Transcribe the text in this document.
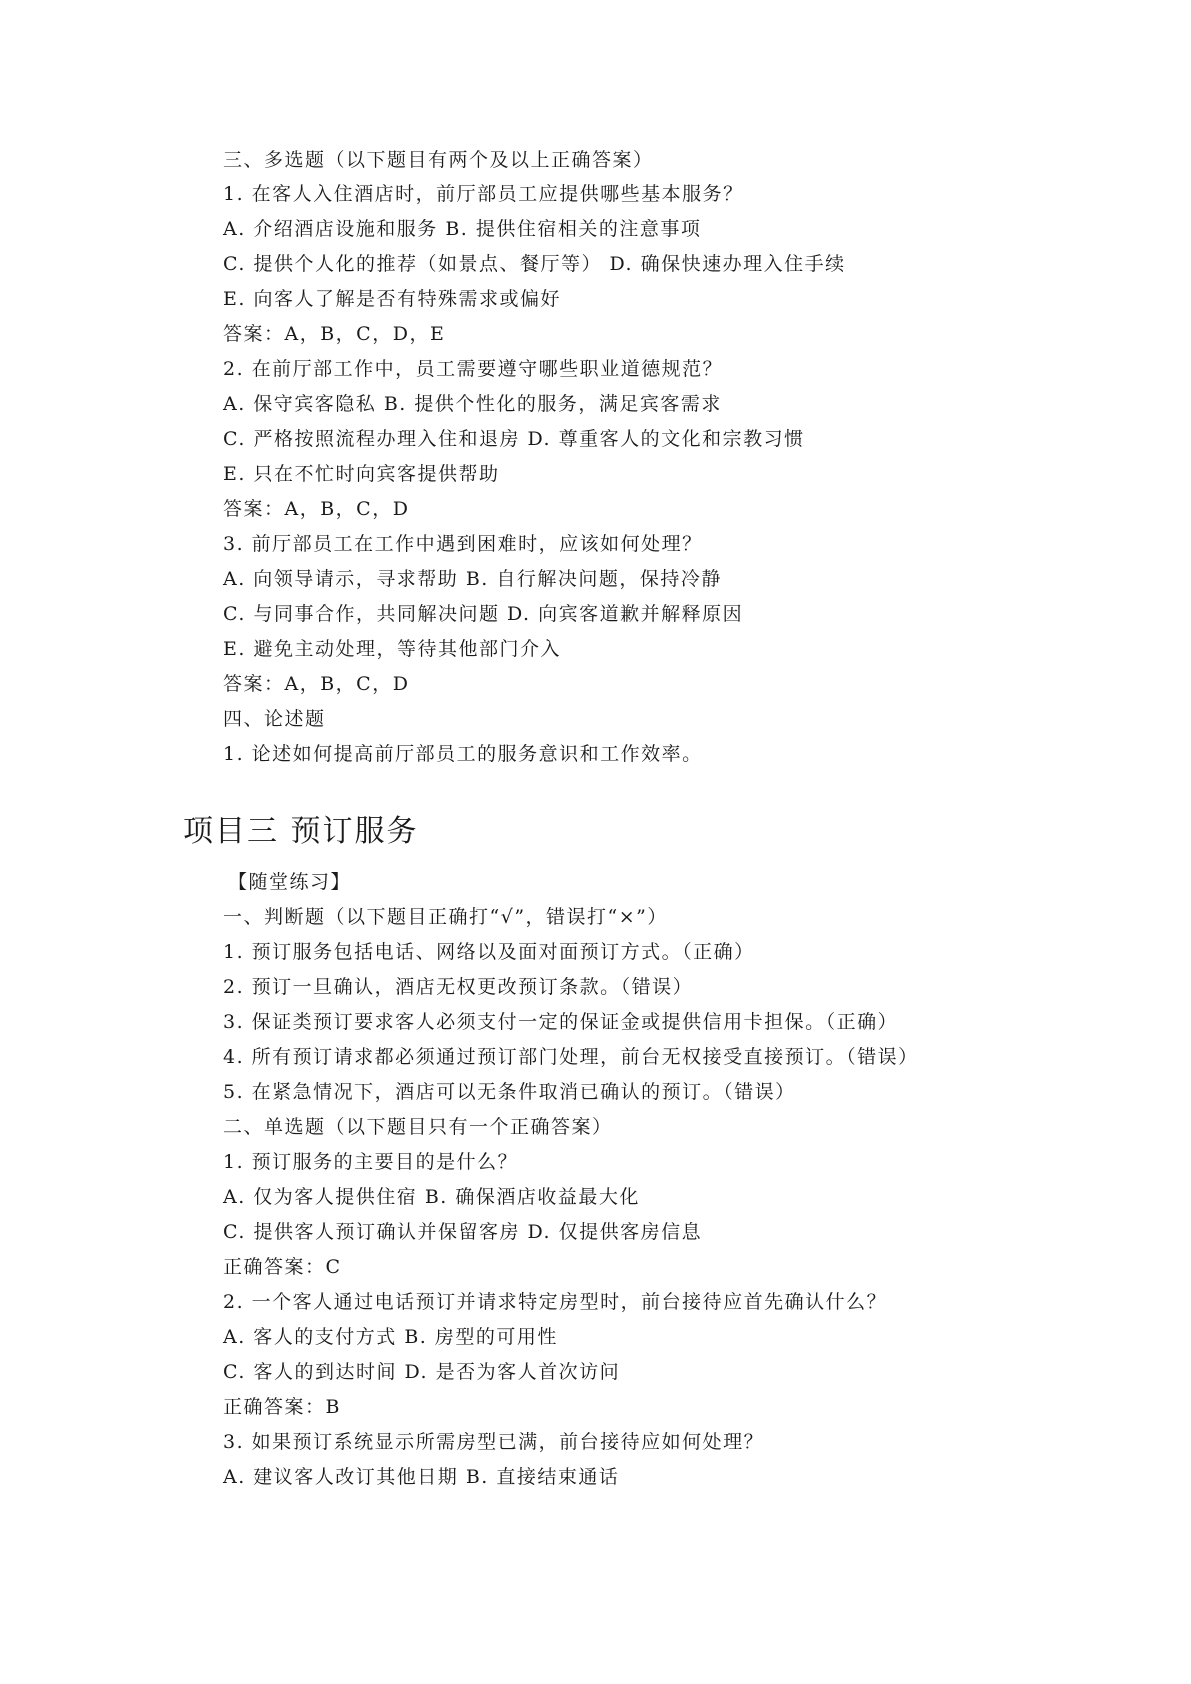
三、多选题（以下题目有两个及以上正确答案）
1. 在客人入住酒店时，前厅部员工应提供哪些基本服务？
A. 介绍酒店设施和服务 B. 提供住宿相关的注意事项
C. 提供个人化的推荐（如景点、餐厅等） D. 确保快速办理入住手续
E. 向客人了解是否有特殊需求或偏好
答案：A，B，C，D，E
2. 在前厅部工作中，员工需要遵守哪些职业道德规范？
A. 保守宾客隐私 B. 提供个性化的服务，满足宾客需求
C. 严格按照流程办理入住和退房 D. 尊重客人的文化和宗教习惯
E. 只在不忙时向宾客提供帮助
答案：A，B，C，D
3. 前厅部员工在工作中遇到困难时，应该如何处理？
A. 向领导请示，寻求帮助 B. 自行解决问题，保持冷静
C. 与同事合作，共同解决问题 D. 向宾客道歉并解释原因
E. 避免主动处理，等待其他部门介入
答案：A，B，C，D
四、论述题
1. 论述如何提高前厅部员工的服务意识和工作效率。
项目三 预订服务
【随堂练习】
一、判断题（以下题目正确打“√”，错误打“×”）
1. 预订服务包括电话、网络以及面对面预订方式。（正确）
2. 预订一旦确认，酒店无权更改预订条款。（错误）
3. 保证类预订要求客人必须支付一定的保证金或提供信用卡担保。（正确）
4. 所有预订请求都必须通过预订部门处理，前台无权接受直接预订。（错误）
5. 在紧急情况下，酒店可以无条件取消已确认的预订。（错误）
二、单选题（以下题目只有一个正确答案）
1. 预订服务的主要目的是什么？
A. 仅为客人提供住宿 B. 确保酒店收益最大化
C. 提供客人预订确认并保留客房 D. 仅提供客房信息
正确答案：C
2. 一个客人通过电话预订并请求特定房型时，前台接待应首先确认什么？
A. 客人的支付方式 B. 房型的可用性
C. 客人的到达时间 D. 是否为客人首次访问
正确答案：B
3. 如果预订系统显示所需房型已满，前台接待应如何处理？
A. 建议客人改订其他日期 B. 直接结束通话
